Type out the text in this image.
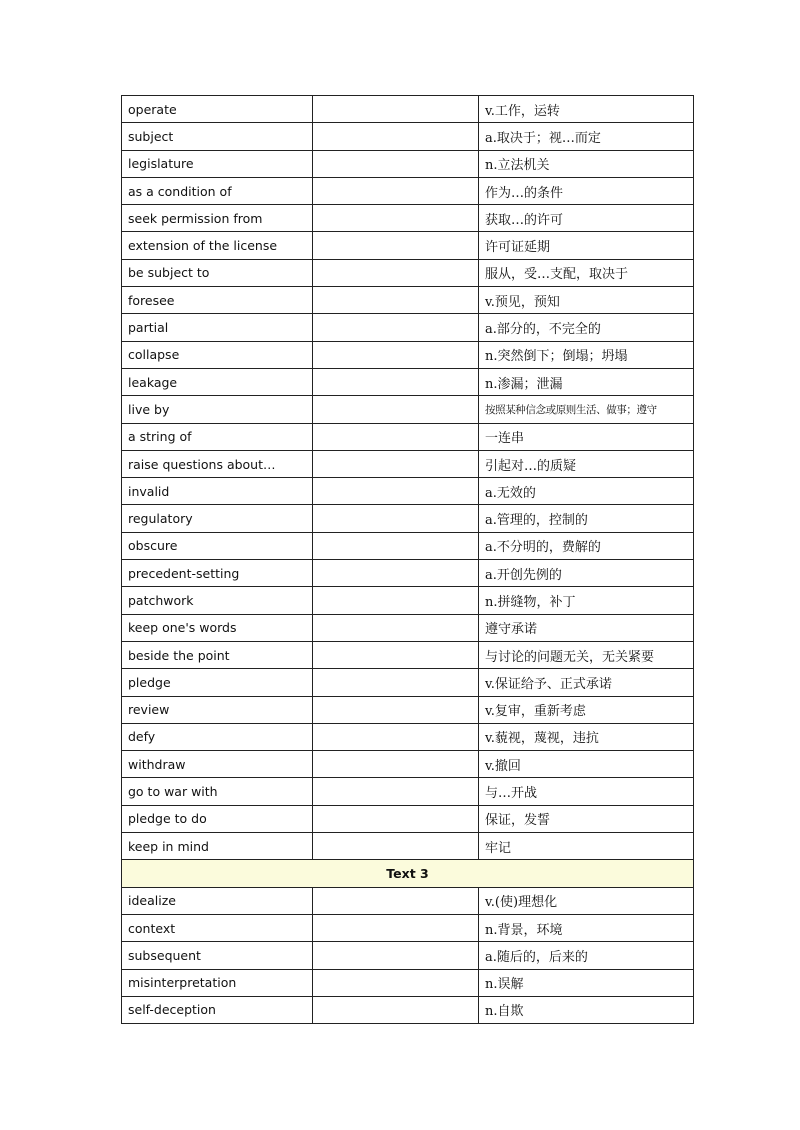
operate		v.工作，运转
subject		a.取决于；视…而定
legislature		n.立法机关
as a condition of		作为…的条件
seek permission from		获取…的许可
extension of the license		许可证延期
be subject to		服从，受…支配，取决于
foresee		v.预见，预知
partial		a.部分的，不完全的
collapse		n.突然倒下；倒塌；坍塌
leakage		n.渗漏；泄漏
live by		按照某种信念或原则生活、做事；遵守
a string of		一连串
raise questions about…		引起对…的质疑
invalid		a.无效的
regulatory		a.管理的，控制的
obscure		a.不分明的，费解的
precedent-setting		a.开创先例的
patchwork		n.拼缝物，补丁
keep one's words		遵守承诺
beside the point		与讨论的问题无关，无关紧要
pledge		v.保证给予、正式承诺
review		v.复审，重新考虑
defy		v.藐视，蔑视，违抗
withdraw		v.撤回
go to war with		与…开战
pledge to do		保证，发誓
keep in mind		牢记
Text 3		
idealize		v.(使)理想化
context		n.背景，环境
subsequent		a.随后的，后来的
misinterpretation		n.误解
self-deception		n.自欺
